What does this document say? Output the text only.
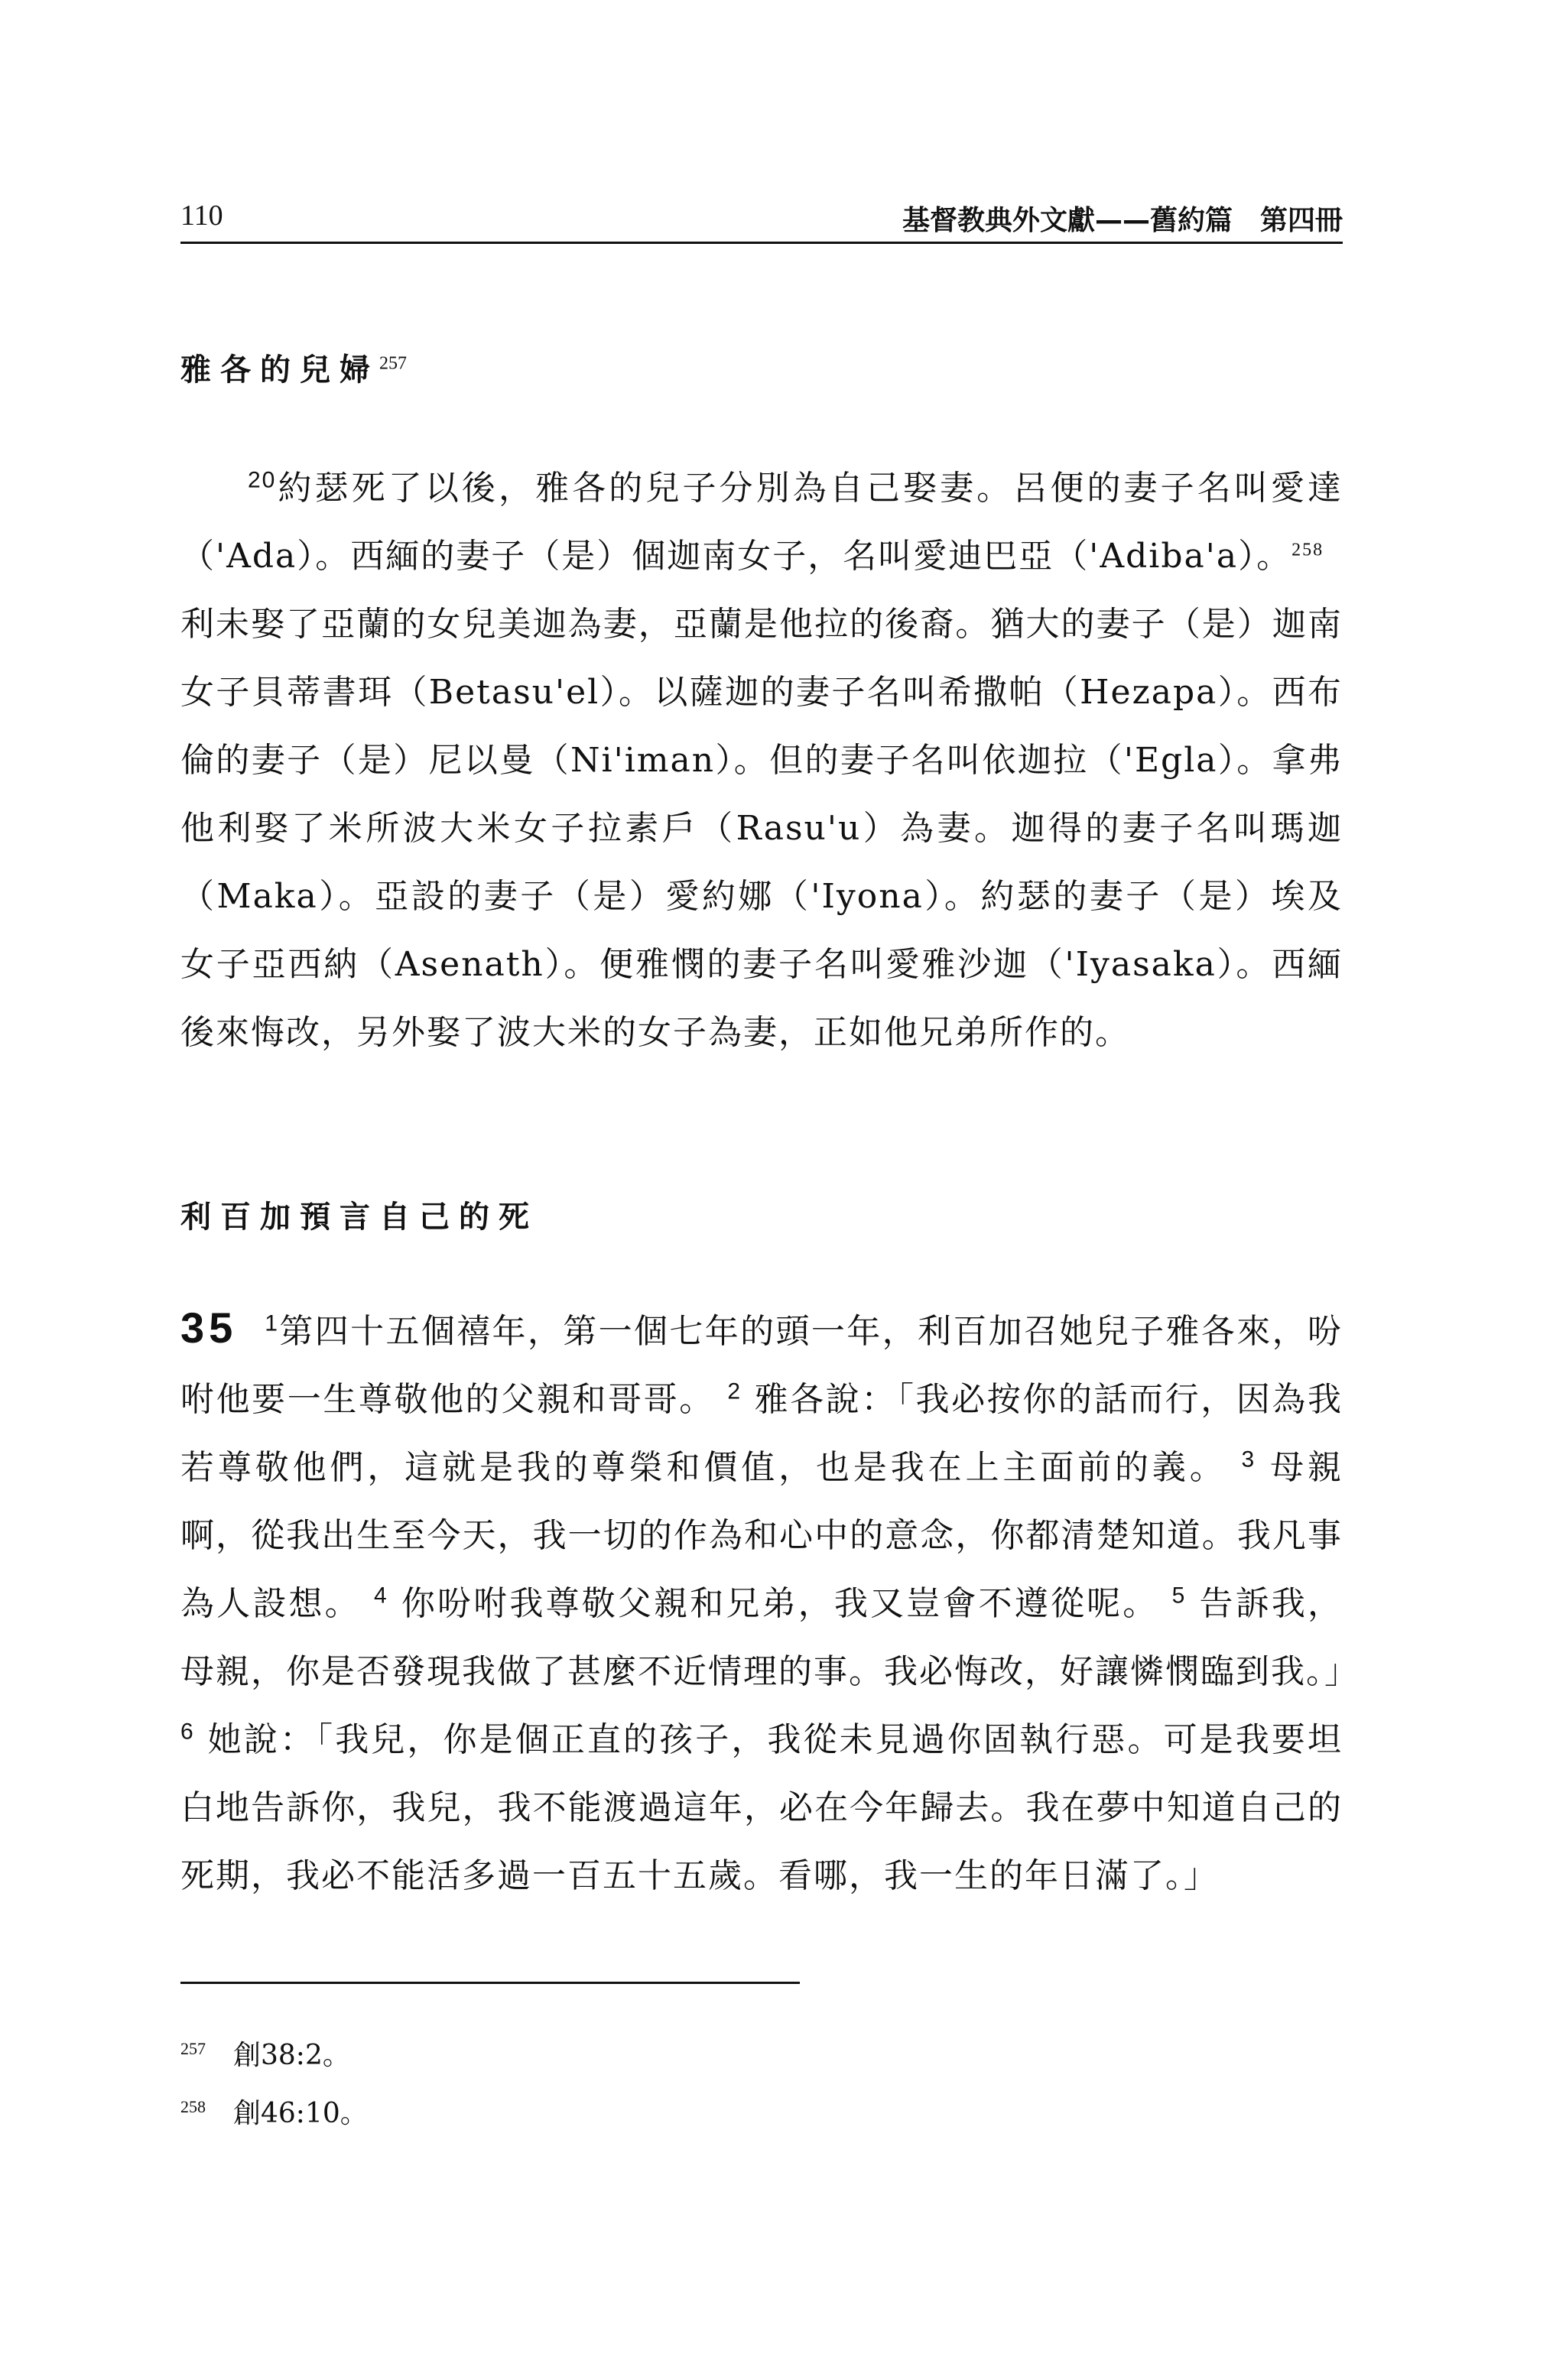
110	基督教典外文獻——舊約篇　第四冊
雅各的兒婦$^{257}$

$^{20}$約瑟死了以後，雅各的兒子分別為自己娶妻。呂便的妻子名叫愛達（'Ada）。西緬的妻子（是）個迦南女子，名叫愛迪巴亞（'Adiba'a）。$^{258}$　利未娶了亞蘭的女兒美迦為妻，亞蘭是他拉的後裔。猶大的妻子（是）迦南女子貝蒂書珥（Betasu'el）。以薩迦的妻子名叫希撒帕（Hezapa）。西布倫的妻子（是）尼以曼（Ni'iman）。但的妻子名叫依迦拉（'Egla）。拿弗他利娶了米所波大米女子拉素戶（Rasu'u）為妻。迦得的妻子名叫瑪迦（Maka）。亞設的妻子（是）愛約娜（'Iyona）。約瑟的妻子（是）埃及女子亞西納（Asenath）。便雅憫的妻子名叫愛雅沙迦（'Iyasaka）。西緬後來悔改，另外娶了波大米的女子為妻，正如他兄弟所作的。

利百加預言自己的死

35 $^1$第四十五個禧年，第一個七年的頭一年，利百加召她兒子雅各來，吩咐他要一生尊敬他的父親和哥哥。 $^2$ 雅各說：「我必按你的話而行，因為我若尊敬他們，這就是我的尊榮和價值，也是我在上主面前的義。 $^3$ 母親啊，從我出生至今天，我一切的作為和心中的意念，你都清楚知道。我凡事為人設想。 $^4$ 你吩咐我尊敬父親和兄弟，我又豈會不遵從呢。 $^5$ 告訴我，母親，你是否發現我做了甚麼不近情理的事。我必悔改，好讓憐憫臨到我。」$^6$ 她說：「我兒，你是個正直的孩子，我從未見過你固執行惡。可是我要坦白地告訴你，我兒，我不能渡過這年，必在今年歸去。我在夢中知道自己的死期，我必不能活多過一百五十五歲。看哪，我一生的年日滿了。」

$^{257}$ 創38:2。
$^{258}$ 創46:10。
